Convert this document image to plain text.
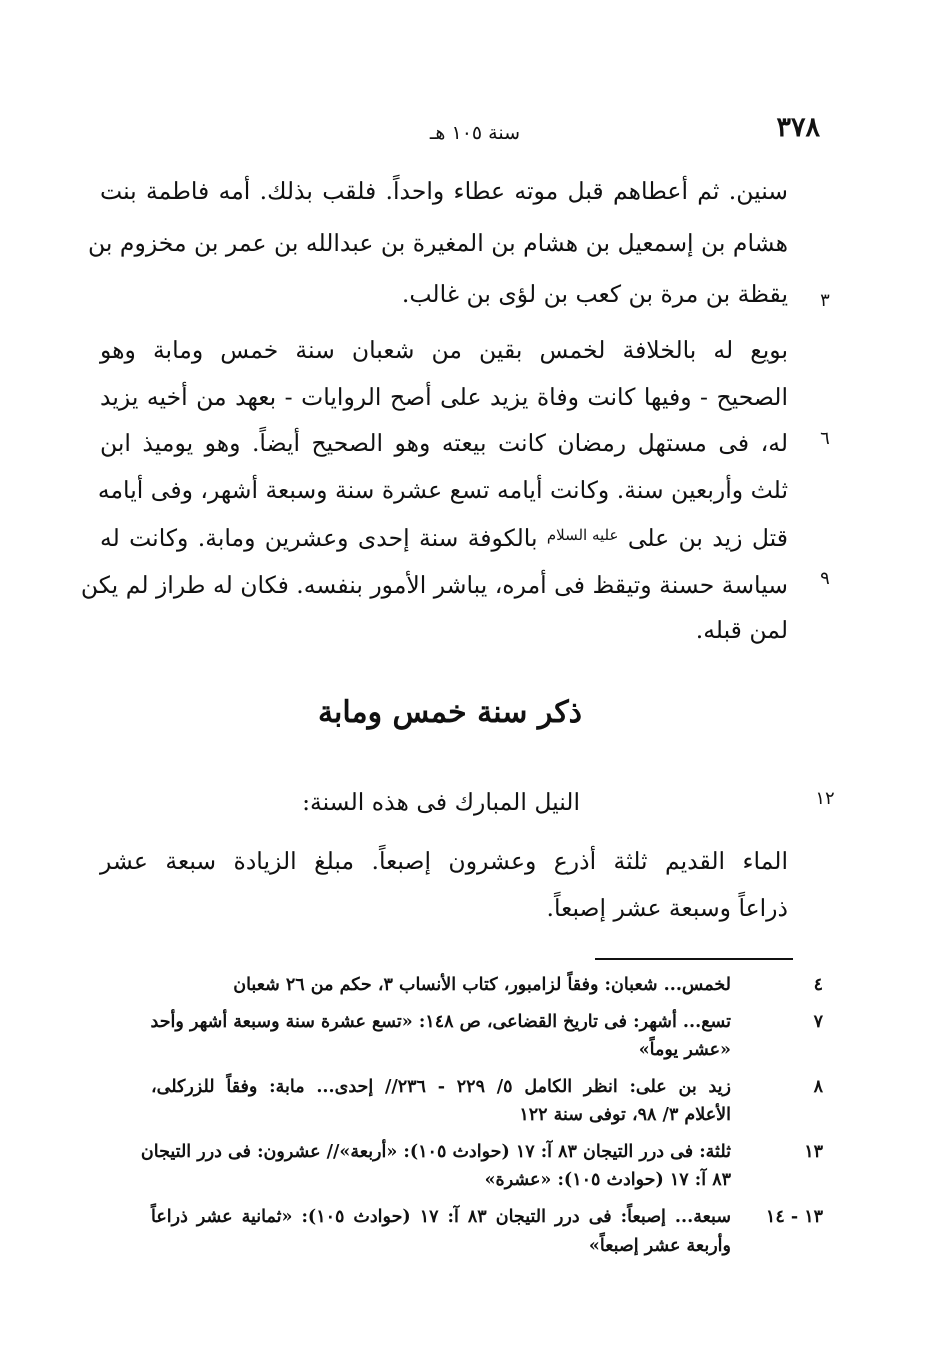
٣٧٨
سنة ١٠٥ هـ
سنين. ثم أعطاهم قبل موته عطاء واحداً. فلقب بذلك. أمه فاطمة بنت
هشام بن إسمعيل بن هشام بن المغيرة بن عبدالله بن عمر بن مخزوم بن
يقظة بن مرة بن كعب بن لؤى بن غالب.
بويع له بالخلافة لخمس بقين من شعبان سنة خمس ومابة وهو
الصحيح - وفيها كانت وفاة يزيد على أصح الروايات - بعهد من أخيه يزيد
له، فى مستهل رمضان كانت بيعته وهو الصحيح أيضاً. وهو يوميذ ابن
ثلث وأربعين سنة. وكانت أيامه تسع عشرة سنة وسبعة أشهر، وفى أيامه
قتل زيد بن على عليه السلام بالكوفة سنة إحدى وعشرين ومابة. وكانت له
سياسة حسنة وتيقظ فى أمره، يباشر الأمور بنفسه. فكان له طراز لم يكن
لمن قبله.
٣
٦
٩
١٢
ذكر سنة خمس ومابة
النيل المبارك فى هذه السنة:
الماء القديم ثلثة أذرع وعشرون إصبعاً. مبلغ الزيادة سبعة عشر
ذراعاً وسبعة عشر إصبعاً.
٤
لخمس... شعبان: وفقاً لزامبور، كتاب الأنساب ٣، حكم من ٢٦ شعبان
٧
تسع... أشهر: فى تاريخ القضاعى، ص ١٤٨: «تسع عشرة سنة وسبعة أشهر وأحد
«عشر يوماً»
٨
زيد بن على: انظر الكامل ٥/ ٢٢٩ - ٢٣٦// إحدى... مابة: وفقاً للزركلى،
الأعلام ٣/ ٩٨، توفى سنة ١٢٢
١٣
ثلثة: فى درر التيجان ٨٣ آ: ١٧ (حوادث ١٠٥): «أربعة»// عشرون: فى درر التيجان
٨٣ آ: ١٧ (حوادث ١٠٥): «عشرة»
١٣ - ١٤
سبعة... إصبعاً: فى درر التيجان ٨٣ آ: ١٧ (حوادث ١٠٥): «ثمانية عشر ذراعاً
وأربعة عشر إصبعاً»
